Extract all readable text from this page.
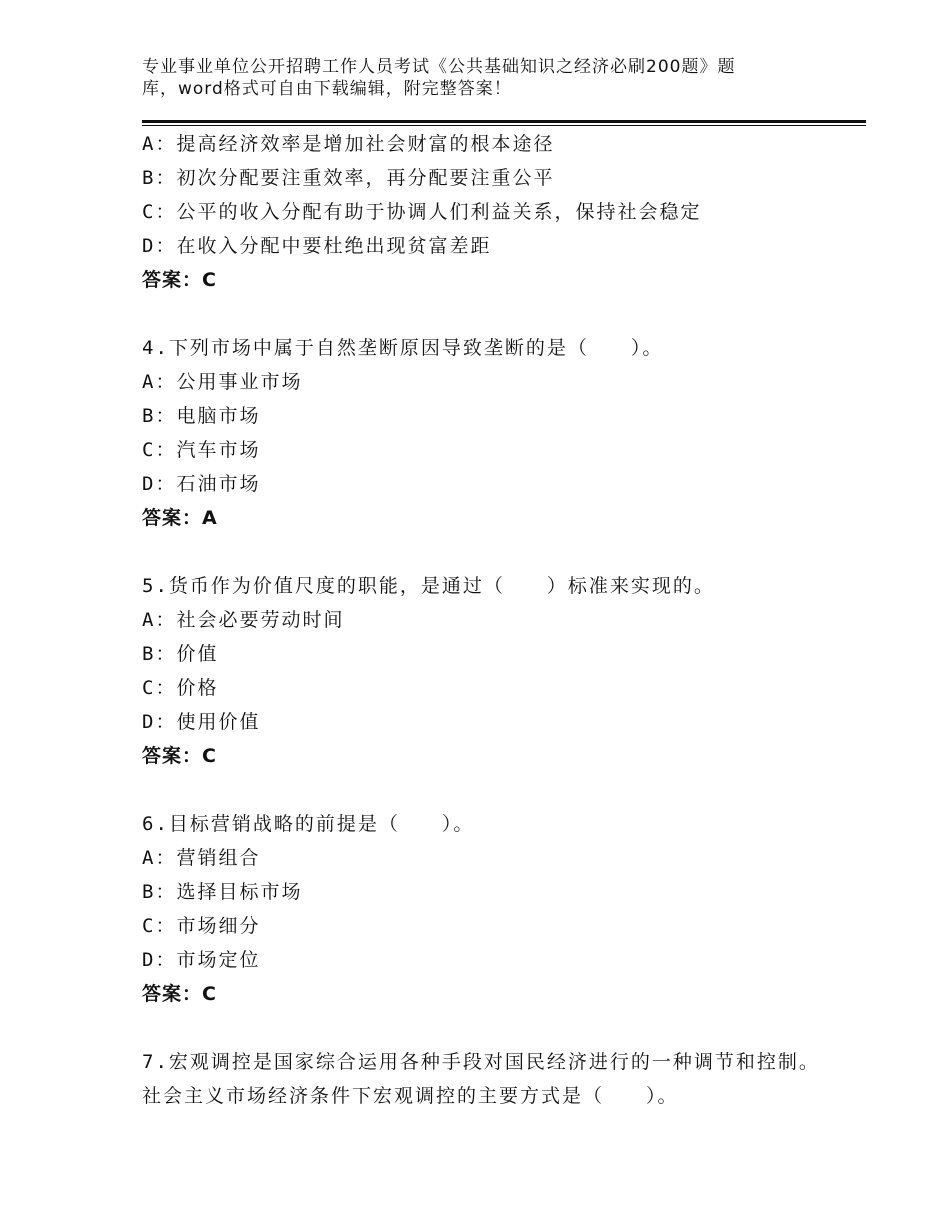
专业事业单位公开招聘工作人员考试《公共基础知识之经济必刷200题》题
库，word格式可自由下载编辑，附完整答案！
A：提高经济效率是增加社会财富的根本途径
B：初次分配要注重效率，再分配要注重公平
C：公平的收入分配有助于协调人们利益关系，保持社会稳定
D：在收入分配中要杜绝出现贫富差距
答案：C
4.下列市场中属于自然垄断原因导致垄断的是（　　）。
A：公用事业市场
B：电脑市场
C：汽车市场
D：石油市场
答案：A
5.货币作为价值尺度的职能，是通过（　　）标准来实现的。
A：社会必要劳动时间
B：价值
C：价格
D：使用价值
答案：C
6.目标营销战略的前提是（　　）。
A：营销组合
B：选择目标市场
C：市场细分
D：市场定位
答案：C
7.宏观调控是国家综合运用各种手段对国民经济进行的一种调节和控制。社会主义市场经济条件下宏观调控的主要方式是（　　）。
